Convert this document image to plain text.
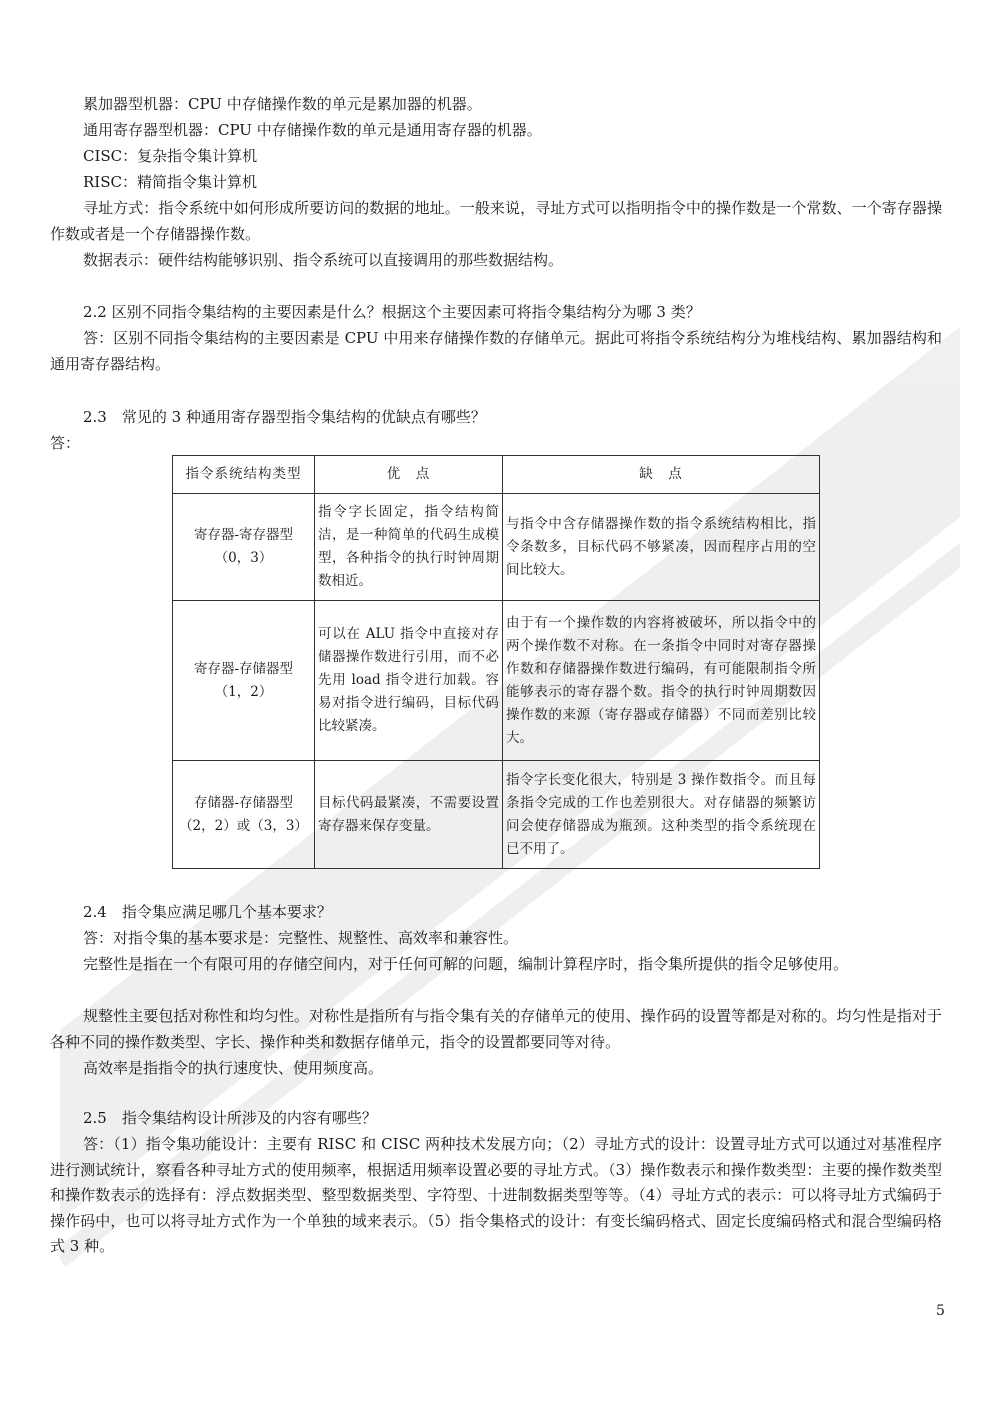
累加器型机器：CPU 中存储操作数的单元是累加器的机器。

通用寄存器型机器：CPU 中存储操作数的单元是通用寄存器的机器。

CISC：复杂指令集计算机

RISC：精简指令集计算机

寻址方式：指令系统中如何形成所要访问的数据的地址。一般来说，寻址方式可以指明指令中的操作数是一个常数、一个寄存器操作数或者是一个存储器操作数。

数据表示：硬件结构能够识别、指令系统可以直接调用的那些数据结构。

2.2 区别不同指令集结构的主要因素是什么？根据这个主要因素可将指令集结构分为哪 3 类？

答：区别不同指令集结构的主要因素是 CPU 中用来存储操作数的存储单元。据此可将指令系统结构分为堆栈结构、累加器结构和通用寄存器结构。

2.3　常见的 3 种通用寄存器型指令集结构的优缺点有哪些？

答：

指令系统结构类型	优　点	缺　点

寄存器-寄存器型
（0，3）	指令字长固定，指令结构简洁，是一种简单的代码生成模型，各种指令的执行时钟周期数相近。	与指令中含存储器操作数的指令系统结构相比，指令条数多，目标代码不够紧凑，因而程序占用的空间比较大。

寄存器-存储器型
（1，2）	可以在 ALU 指令中直接对存储器操作数进行引用，而不必先用 load 指令进行加载。容易对指令进行编码，目标代码比较紧凑。	由于有一个操作数的内容将被破坏，所以指令中的两个操作数不对称。在一条指令中同时对寄存器操作数和存储器操作数进行编码，有可能限制指令所能够表示的寄存器个数。指令的执行时钟周期数因操作数的来源（寄存器或存储器）不同而差别比较大。

存储器-存储器型
（2，2）或（3，3）	目标代码最紧凑，不需要设置寄存器来保存变量。	指令字长变化很大，特别是 3 操作数指令。而且每条指令完成的工作也差别很大。对存储器的频繁访问会使存储器成为瓶颈。这种类型的指令系统现在已不用了。

2.4　指令集应满足哪几个基本要求？

答：对指令集的基本要求是：完整性、规整性、高效率和兼容性。

完整性是指在一个有限可用的存储空间内，对于任何可解的问题，编制计算程序时，指令集所提供的指令足够使用。

规整性主要包括对称性和均匀性。对称性是指所有与指令集有关的存储单元的使用、操作码的设置等都是对称的。均匀性是指对于各种不同的操作数类型、字长、操作种类和数据存储单元，指令的设置都要同等对待。

高效率是指指令的执行速度快、使用频度高。

2.5　指令集结构设计所涉及的内容有哪些？

答：（1）指令集功能设计：主要有 RISC 和 CISC 两种技术发展方向；（2）寻址方式的设计：设置寻址方式可以通过对基准程序进行测试统计，察看各种寻址方式的使用频率，根据适用频率设置必要的寻址方式。（3）操作数表示和操作数类型：主要的操作数类型和操作数表示的选择有：浮点数据类型、整型数据类型、字符型、十进制数据类型等等。（4）寻址方式的表示：可以将寻址方式编码于操作码中，也可以将寻址方式作为一个单独的域来表示。（5）指令集格式的设计：有变长编码格式、固定长度编码格式和混合型编码格式 3 种。

5
